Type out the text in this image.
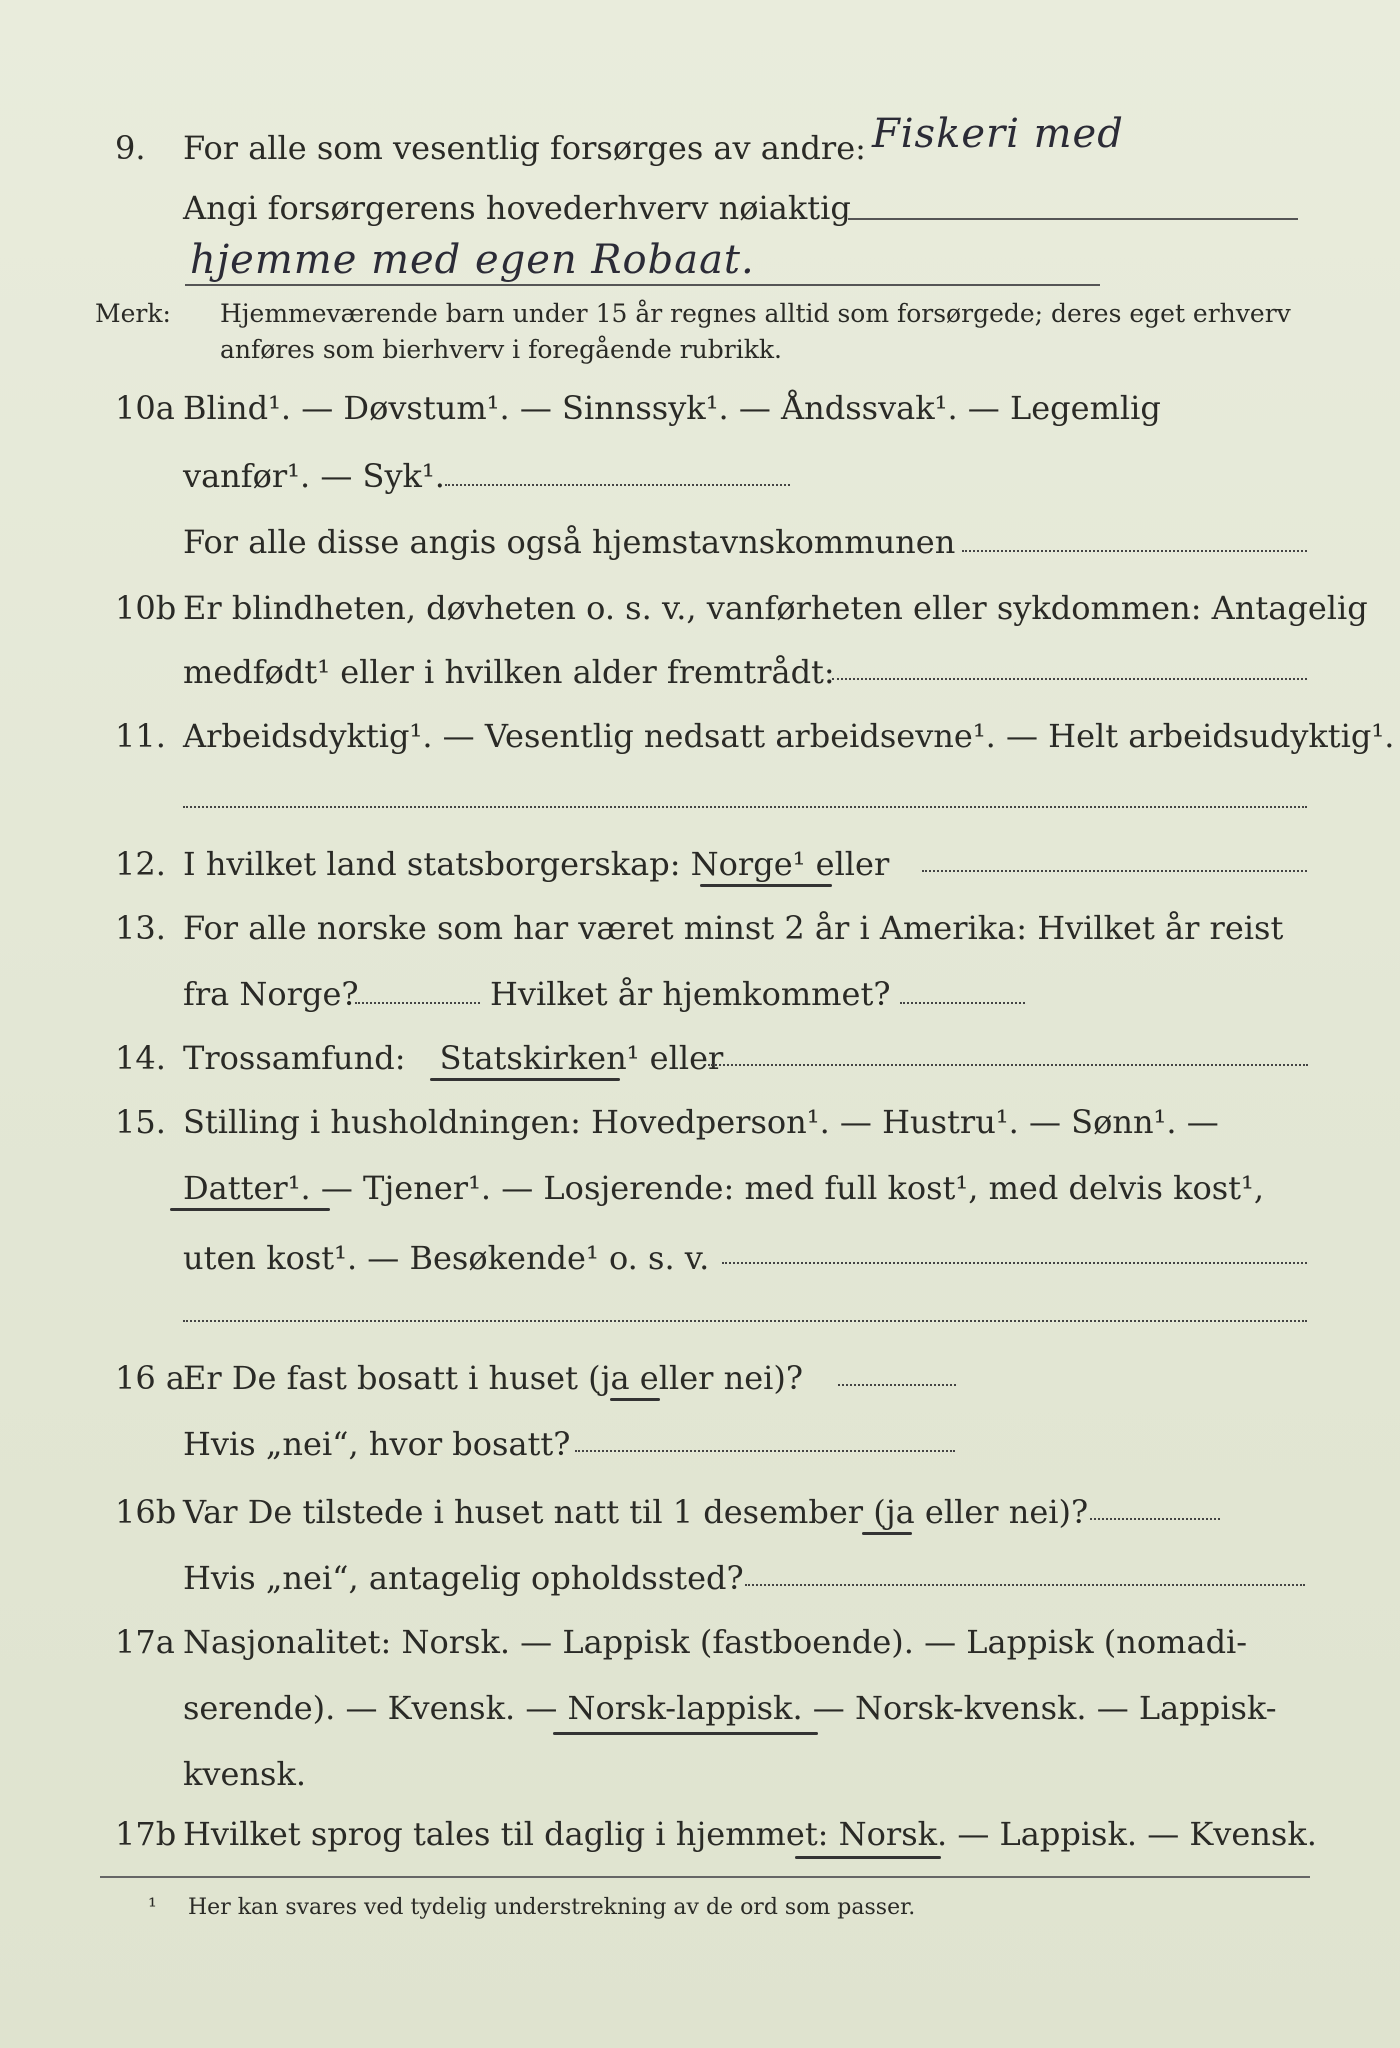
9. For alle som vesentlig forsørges av andre: Fiskeri med
Angi forsørgerens hovederhverv nøiaktig
hjemme med egen Robaat.
Merk: Hjemmeværende barn under 15 år regnes alltid som forsørgede; deres eget erhverv
anføres som bierhverv i foregående rubrikk.
10a Blind¹. — Døvstum¹. — Sinnssyk¹. — Åndssvak¹. — Legemlig
vanfør¹. — Syk¹.
For alle disse angis også hjemstavnskommunen
10b Er blindheten, døvheten o. s. v., vanførheten eller sykdommen: Antagelig
medfødt¹ eller i hvilken alder fremtrådt:
11. Arbeidsdyktig¹. — Vesentlig nedsatt arbeidsevne¹. — Helt arbeidsudyktig¹.
12. I hvilket land statsborgerskap: Norge¹ eller
13. For alle norske som har været minst 2 år i Amerika: Hvilket år reist
fra Norge?	Hvilket år hjemkommet?
14. Trossamfund: Statskirken¹ eller
15. Stilling i husholdningen: Hovedperson¹. — Hustru¹. — Sønn¹. —
Datter¹. — Tjener¹. — Losjerende: med full kost¹, med delvis kost¹,
uten kost¹. — Besøkende¹ o. s. v.
16 a
Er De fast bosatt i huset (ja eller nei)?
Hvis „nei“, hvor bosatt?
16b Var De tilstede i huset natt til 1 desember (ja eller nei)?
Hvis „nei“, antagelig opholdssted?
17a Nasjonalitet: Norsk. — Lappisk (fastboende). — Lappisk (nomadi-
serende). — Kvensk. — Norsk-lappisk. — Norsk-kvensk. — Lappisk-
kvensk.
17b Hvilket sprog tales til daglig i hjemmet: Norsk. — Lappisk. — Kvensk.
¹ Her kan svares ved tydelig understrekning av de ord som passer.
